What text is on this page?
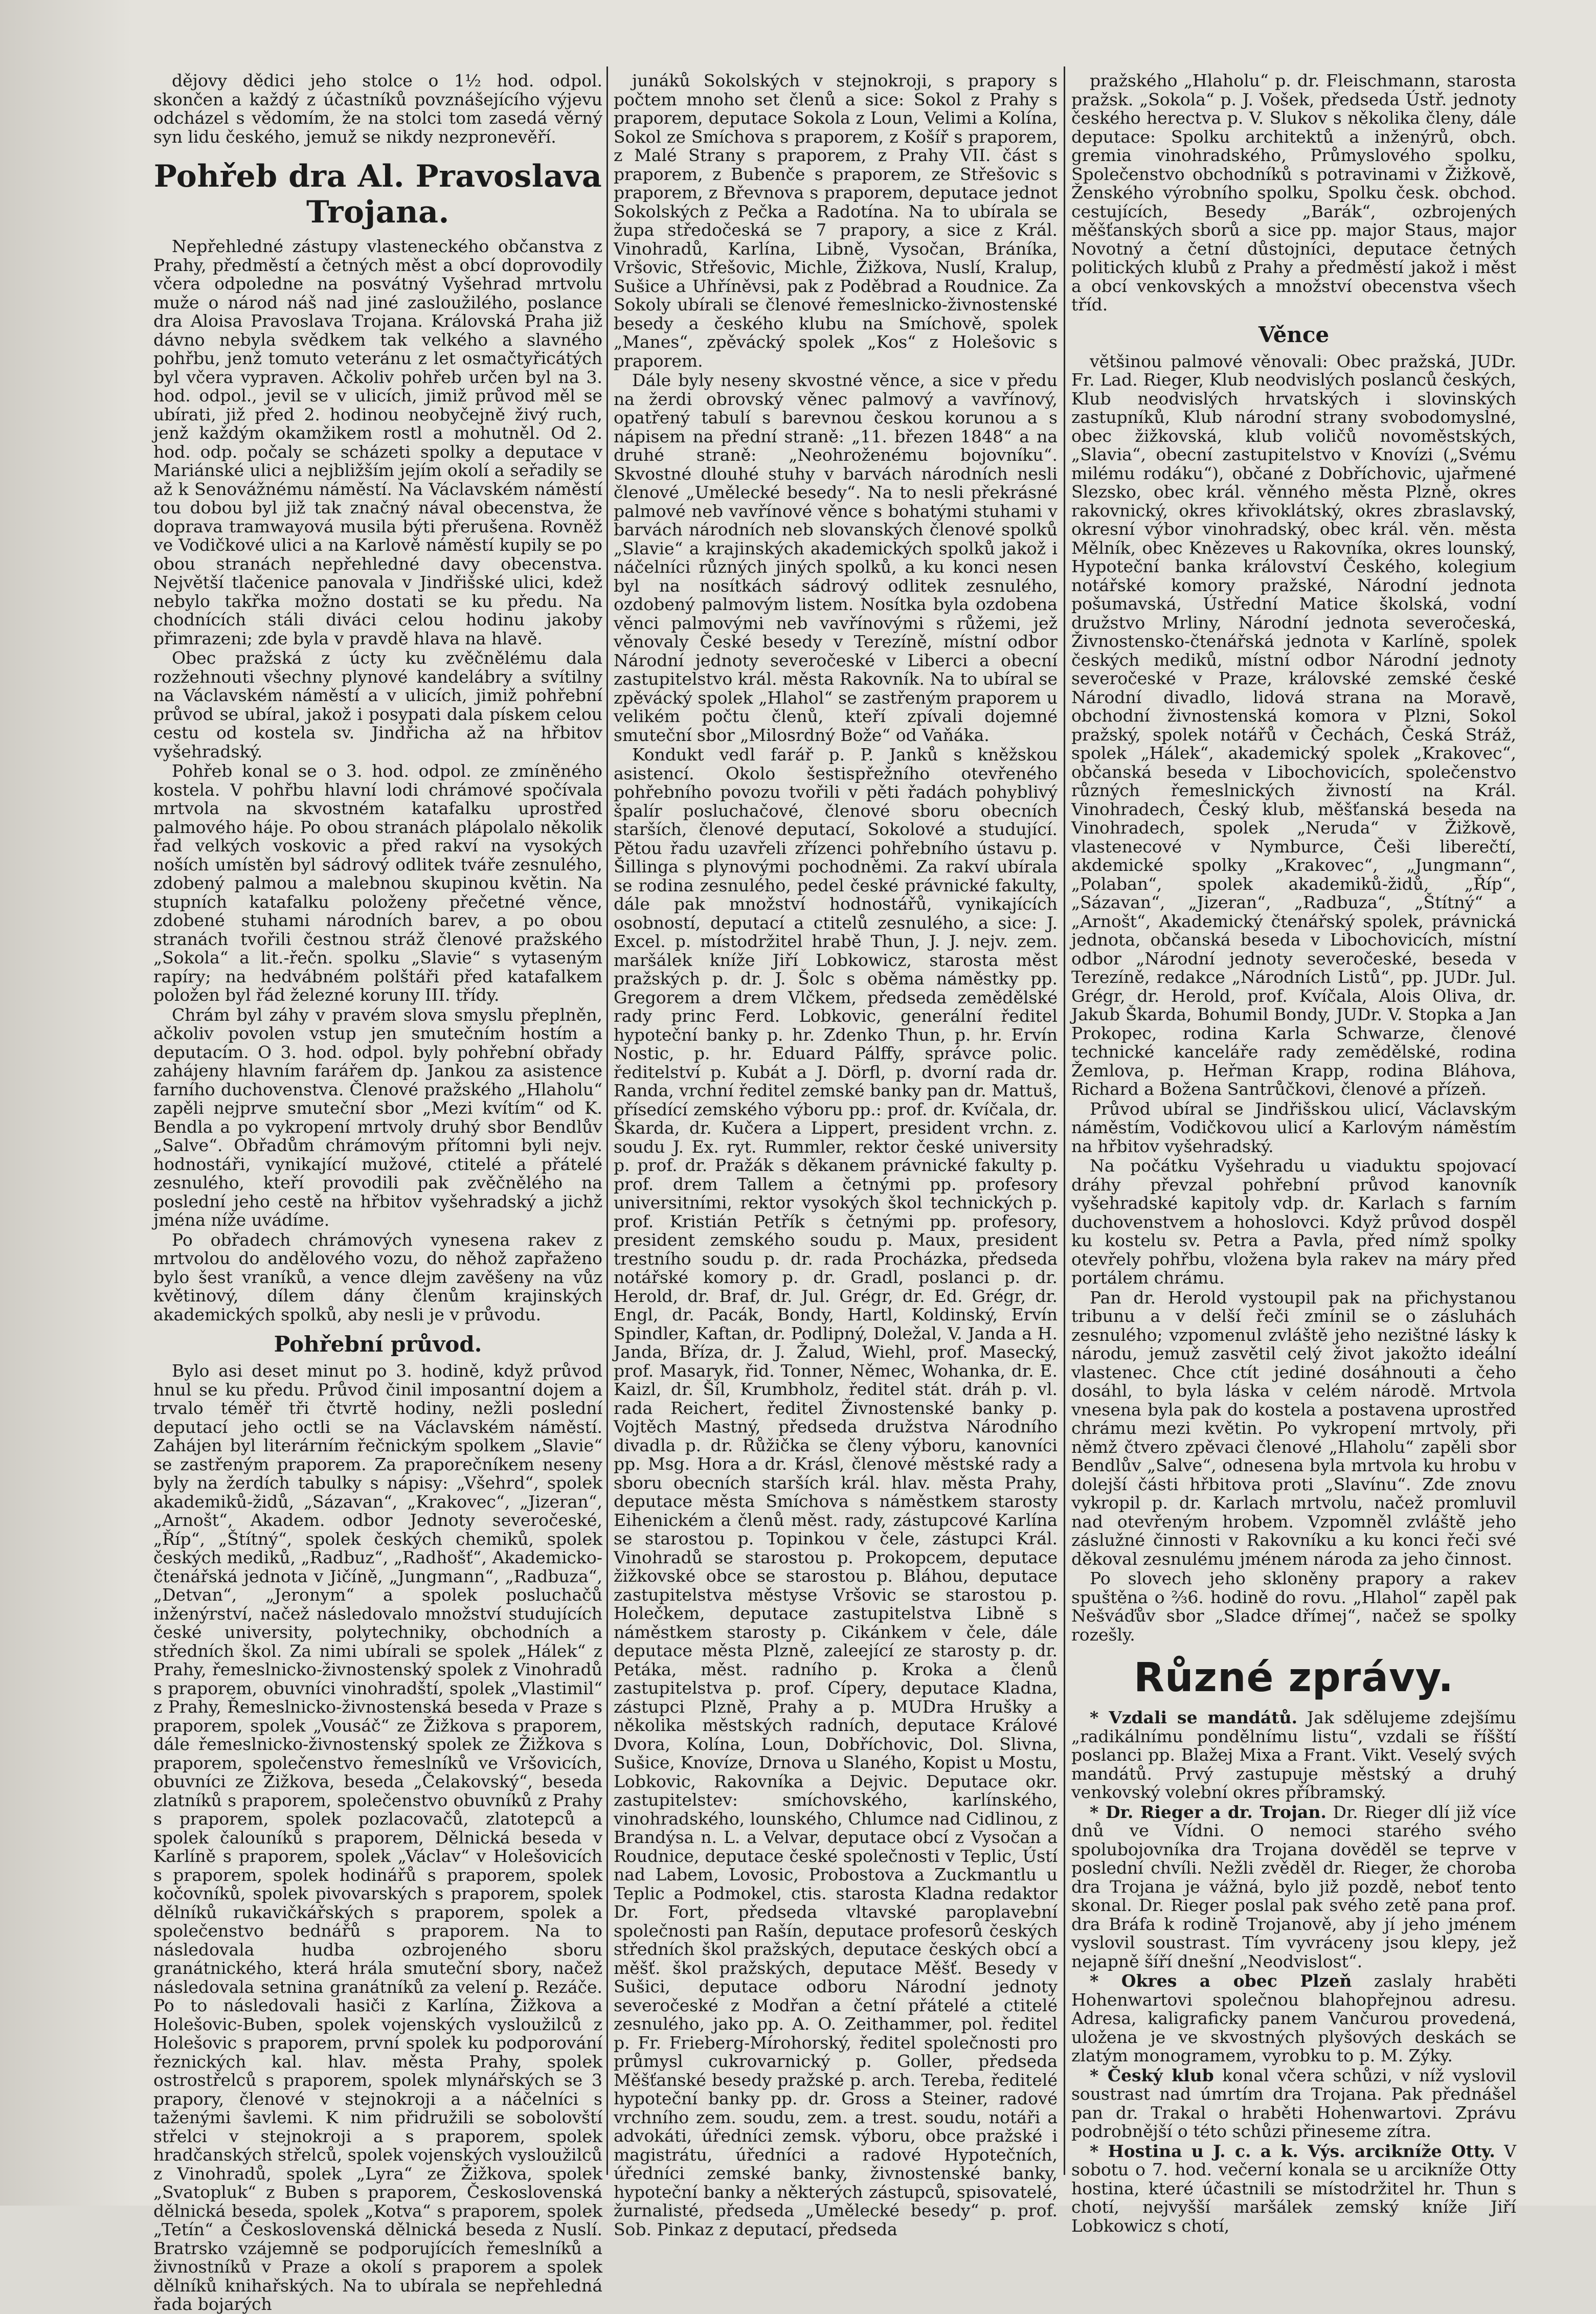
dějovy dědici jeho stolce o 1½ hod. odpol. skončen a každý z účastníků povznášejícího výjevu odcházel s vědomím, že na stolci tom zasedá věrný syn lidu českého, jemuž se nikdy nezpronevěří.

Pohřeb dra Al. Pravoslava Trojana.

Nepřehledné zástupy vlasteneckého občanstva z Prahy, předměstí a četných měst a obcí doprovodily včera odpoledne na posvátný Vyšehrad mrtvolu muže o národ náš nad jiné zasloužilého, poslance dra Aloisa Pravoslava Trojana. Královská Praha již dávno nebyla svědkem tak velkého a slavného pohřbu, jenž tomuto veteránu z let osmačtyřicátých byl včera vypraven. Ačkoliv pohřeb určen byl na 3. hod. odpol., jevil se v ulicích, jimiž průvod měl se ubírati, již před 2. hodinou neobyčejně živý ruch, jenž každým okamžikem rostl a mohutněl. Od 2. hod. odp. počaly se scházeti spolky a deputace v Mariánské ulici a nejbližším jejím okolí a seřadily se až k Senovážnému náměstí. Na Václavském náměstí tou dobou byl již tak značný nával obecenstva, že doprava tramwayová musila býti přerušena. Rovněž ve Vodičkové ulici a na Karlově náměstí kupily se po obou stranách nepřehledné davy obecenstva. Největší tlačenice panovala v Jindřišské ulici, kdež nebylo takřka možno dostati se ku předu. Na chodnících stáli diváci celou hodinu jakoby přimrazeni; zde byla v pravdě hlava na hlavě.

Obec pražská z úcty ku zvěčnělému dala rozžehnouti všechny plynové kandelábry a svítilny na Václavském náměstí a v ulicích, jimiž pohřební průvod se ubíral, jakož i posypati dala pískem celou cestu od kostela sv. Jindřicha až na hřbitov vyšehradský.

Pohřeb konal se o 3. hod. odpol. ze zmíněného kostela. V pohřbu hlavní lodi chrámové spočívala mrtvola na skvostném katafalku uprostřed palmového háje. Po obou stranách plápolalo několik řad velkých voskovic a před rakví na vysokých noších umístěn byl sádrový odlitek tváře zesnulého, zdobený palmou a malebnou skupinou květin. Na stupních katafalku položeny přečetné věnce, zdobené stuhami národních barev, a po obou stranách tvořili čestnou stráž členové pražského „Sokola“ a lit.-řečn. spolku „Slavie“ s vytaseným rapíry; na hedvábném polštáři před katafalkem položen byl řád železné koruny III. třídy.

Chrám byl záhy v pravém slova smyslu přeplněn, ačkoliv povolen vstup jen smutečním hostím a deputacím. O 3. hod. odpol. byly pohřební obřady zahájeny hlavním farářem dp. Jankou za asistence farního duchovenstva. Členové pražského „Hlaholu“ zapěli nejprve smuteční sbor „Mezi kvítím“ od K. Bendla a po vykropení mrtvoly druhý sbor Bendlův „Salve“. Obřadům chrámovým přítomni byli nejv. hodnostáři, vynikající mužové, ctitelé a přátelé zesnulého, kteří provodili pak zvěčnělého na poslední jeho cestě na hřbitov vyšehradský a jichž jména níže uvádíme.

Po obřadech chrámových vynesena rakev z mrtvolou do andělového vozu, do něhož zapřaženo bylo šest vraníků, a vence dlejm zavěšeny na vůz květinový, dílem dány členům krajinských akademických spolků, aby nesli je v průvodu.

Pohřební průvod.

Bylo asi deset minut po 3. hodině, když průvod hnul se ku předu. Průvod činil imposantní dojem a trvalo téměř tři čtvrtě hodiny, nežli poslední deputací jeho octli se na Václavském náměstí. Zahájen byl literárním řečnickým spolkem „Slavie“ se zastřeným praporem. Za praporečníkem neseny byly na žerdích tabulky s nápisy: „Všehrd“, spolek akademiků-židů, „Sázavan“, „Krakovec“, „Jizeran“, „Arnošt“, Akadem. odbor Jednoty severočeské, „Říp“, „Štítný“, spolek českých chemiků, spolek českých mediků, „Radbuz“, „Radhošť“, Akademicko-čtenářská jednota v Jičíně, „Jungmann“, „Radbuza“, „Detvan“, „Jeronym“ a spolek posluchačů inženýrství, načež následovalo množství studujících české university, polytechniky, obchodních a středních škol. Za nimi ubírali se spolek „Hálek“ z Prahy, řemeslnicko-živnostenský spolek z Vinohradů s praporem, obuvníci vinohradští, spolek „Vlastimil“ z Prahy, Řemeslnicko-živnostenská beseda v Praze s praporem, spolek „Vousáč“ ze Žižkova s praporem, dále řemeslnicko-živnostenský spolek ze Žižkova s praporem, společenstvo řemeslníků ve Vršovicích, obuvníci ze Žižkova, beseda „Čelakovský“, beseda zlatníků s praporem, společenstvo obuvníků z Prahy s praporem, spolek pozlacovačů, zlatotepců a spolek čalouníků s praporem, Dělnická beseda v Karlíně s praporem, spolek „Václav“ v Holešovicích s praporem, spolek hodinářů s praporem, spolek kočovníků, spolek pivovarských s praporem, spolek dělníků rukavičkářských s praporem, spolek a společenstvo bednářů s praporem. Na to následovala hudba ozbrojeného sboru granátnického, která hrála smuteční sbory, načež následovala setnina granátníků za velení p. Rezáče. Po to následovali hasiči z Karlína, Žižkova a Holešovic-Buben, spolek vojenských vysloužilců z Holešovic s praporem, první spolek ku podporování řeznických kal. hlav. města Prahy, spolek ostrostřelců s praporem, spolek mlynářských se 3 prapory, členové v stejnokroji a a náčelníci s taženými šavlemi. K nim přidružili se sobolovští střelci v stejnokroji a s praporem, spolek hradčanských střelců, spolek vojenských vysloužilců z Vinohradů, spolek „Lyra“ ze Žižkova, spolek „Svatopluk“ z Buben s praporem, Československá dělnická beseda, spolek „Kotva“ s praporem, spolek „Tetín“ a Československá dělnická beseda z Nuslí. Bratrsko vzájemně se podporujících řemeslníků a živnostníků v Praze a okolí s praporem a spolek dělníků knihařských. Na to ubírala se nepřehledná řada bojarých

junáků Sokolských v stejnokroji, s prapory s počtem mnoho set členů a sice: Sokol z Prahy s praporem, deputace Sokola z Loun, Velimi a Kolína, Sokol ze Smíchova s praporem, z Košíř s praporem, z Malé Strany s praporem, z Prahy VII. část s praporem, z Bubenče s praporem, ze Střešovic s praporem, z Břevnova s praporem, deputace jednot Sokolských z Pečka a Radotína. Na to ubírala se župa středočeská se 7 prapory, a sice z Král. Vinohradů, Karlína, Libně, Vysočan, Bráníka, Vršovic, Střešovic, Michle, Žižkova, Nuslí, Kralup, Sušice a Uhříněvsi, pak z Poděbrad a Roudnice. Za Sokoly ubírali se členové řemeslnicko-živnostenské besedy a českého klubu na Smíchově, spolek „Manes“, zpěvácký spolek „Kos“ z Holešovic s praporem.

Dále byly neseny skvostné věnce, a sice v předu na žerdi obrovský věnec palmový a vavřínový, opatřený tabulí s barevnou českou korunou a s nápisem na přední straně: „11. březen 1848“ a na druhé straně: „Neohroženému bojovníku“. Skvostné dlouhé stuhy v barvách národních nesli členové „Umělecké besedy“. Na to nesli překrásné palmové neb vavřínové věnce s bohatými stuhami v barvách národních neb slovanských členové spolků „Slavie“ a krajinských akademických spolků jakož i náčelníci různých jiných spolků, a ku konci nesen byl na nosítkách sádrový odlitek zesnulého, ozdobený palmovým listem. Nosítka byla ozdobena věnci palmovými neb vavřínovými s růžemi, jež věnovaly České besedy v Terezíně, místní odbor Národní jednoty severočeské v Liberci a obecní zastupitelstvo král. města Rakovník. Na to ubíral se zpěvácký spolek „Hlahol“ se zastřeným praporem u velikém počtu členů, kteří zpívali dojemné smuteční sbor „Milosrdný Bože“ od Vaňáka.

Kondukt vedl farář p. P. Janků s kněžskou asistencí. Okolo šestispřežního otevřeného pohřebního povozu tvořili v pěti řadách pohyblivý špalír posluchačové, členové sboru obecních starších, členové deputací, Sokolové a studující. Pětou řadu uzavřeli zřízenci pohřebního ústavu p. Šillinga s plynovými pochodněmi. Za rakví ubírala se rodina zesnulého, pedel české právnické fakulty, dále pak množství hodnostářů, vynikajících osobností, deputací a ctitelů zesnulého, a sice: J. Excel. p. místodržitel hrabě Thun, J. J. nejv. zem. maršálek kníže Jiří Lobkowicz, starosta měst pražských p. dr. J. Šolc s oběma náměstky pp. Gregorem a drem Vlčkem, předseda zemědělské rady princ Ferd. Lobkovic, generální ředitel hypoteční banky p. hr. Zdenko Thun, p. hr. Ervín Nostic, p. hr. Eduard Pálffy, správce polic. ředitelství p. Kubát a J. Dörfl, p. dvorní rada dr. Randa, vrchní ředitel zemské banky pan dr. Mattuš, přísedící zemského výboru pp.: prof. dr. Kvíčala, dr. Škarda, dr. Kučera a Lippert, president vrchn. z. soudu J. Ex. ryt. Rummler, rektor české university p. prof. dr. Pražák s děkanem právnické fakulty p. prof. drem Tallem a četnými pp. profesory universitními, rektor vysokých škol technických p. prof. Kristián Petřík s četnými pp. profesory, president zemského soudu p. Maux, president trestního soudu p. dr. rada Procházka, předseda notářské komory p. dr. Gradl, poslanci p. dr. Herold, dr. Braf, dr. Jul. Grégr, dr. Ed. Grégr, dr. Engl, dr. Pacák, Bondy, Hartl, Koldinský, Ervín Spindler, Kaftan, dr. Podlipný, Doležal, V. Janda a H. Janda, Bříza, dr. J. Žalud, Wiehl, prof. Masecký, prof. Masaryk, řid. Tonner, Němec, Wohanka, dr. E. Kaizl, dr. Šíl, Krumbholz, ředitel stát. dráh p. vl. rada Reichert, ředitel Živnostenské banky p. Vojtěch Mastný, předseda družstva Národního divadla p. dr. Růžička se členy výboru, kanovníci pp. Msg. Hora a dr. Krásl, členové městské rady a sboru obecních starších král. hlav. města Prahy, deputace města Smíchova s náměstkem starosty Eihenickém a členů měst. rady, zástupcové Karlína se starostou p. Topinkou v čele, zástupci Král. Vinohradů se starostou p. Prokopcem, deputace žižkovské obce se starostou p. Bláhou, deputace zastupitelstva městyse Vršovic se starostou p. Holečkem, deputace zastupitelstva Libně s náměstkem starosty p. Cikánkem v čele, dále deputace města Plzně, zaleející ze starosty p. dr. Petáka, měst. radního p. Kroka a členů zastupitelstva p. prof. Cípery, deputace Kladna, zástupci Plzně, Prahy a p. MUDra Hrušky a několika městských radních, deputace Králové Dvora, Kolína, Loun, Dobříchovic, Dol. Slivna, Sušice, Knovíze, Drnova u Slaného, Kopist u Mostu, Lobkovic, Rakovníka a Dejvic. Deputace okr. zastupitelstev: smíchovského, karlínského, vinohradského, lounského, Chlumce nad Cidlinou, z Brandýsa n. L. a Velvar, deputace obcí z Vysočan a Roudnice, deputace české společnosti v Teplic, Ústí nad Labem, Lovosic, Probostova a Zuckmantlu u Teplic a Podmokel, ctis. starosta Kladna redaktor Dr. Fort, předseda vltavské paroplavební společnosti pan Rašín, deputace profesorů českých středních škol pražských, deputace českých obcí a měšť. škol pražských, deputace Měšť. Besedy v Sušici, deputace odboru Národní jednoty severočeské z Modřan a četní přátelé a ctitelé zesnulého, jako pp. A. O. Zeithammer, pol. ředitel p. Fr. Frieberg-Mírohorský, ředitel společnosti pro průmysl cukrovarnický p. Goller, předseda Měšťanské besedy pražské p. arch. Tereba, ředitelé hypoteční banky pp. dr. Gross a Steiner, radové vrchního zem. soudu, zem. a trest. soudu, notáři a advokáti, úředníci zemsk. výboru, obce pražské i magistrátu, úředníci a radové Hypotečních, úředníci zemské banky, živnostenské banky, hypoteční banky a některých zástupců, spisovatelé, žurnalisté, předseda „Umělecké besedy“ p. prof. Sob. Pinkaz z deputací, předseda

pražského „Hlaholu“ p. dr. Fleischmann, starosta pražsk. „Sokola“ p. J. Vošek, předseda Ústř. jednoty českého herectva p. V. Slukov s několika členy, dále deputace: Spolku architektů a inženýrů, obch. gremia vinohradského, Průmyslového spolku, Společenstvo obchodníků s potravinami v Žižkově, Ženského výrobního spolku, Spolku česk. obchod. cestujících, Besedy „Barák“, ozbrojených měšťanských sborů a sice pp. major Staus, major Novotný a četní důstojníci, deputace četných politických klubů z Prahy a předměstí jakož i měst a obcí venkovských a množství obecenstva všech tříd.

Věnce

většinou palmové věnovali: Obec pražská, JUDr. Fr. Lad. Rieger, Klub neodvislých poslanců českých, Klub neodvislých hrvatských i slovinských zastupníků, Klub národní strany svobodomyslné, obec žižkovská, klub voličů novoměstských, „Slavia“, obecní zastupitelstvo v Knovízi („Svému milému rodáku“), občané z Dobříchovic, ujařmené Slezsko, obec král. věnného města Plzně, okres rakovnický, okres křivoklátský, okres zbraslavský, okresní výbor vinohradský, obec král. věn. města Mělník, obec Knězeves u Rakovníka, okres lounský, Hypoteční banka království Českého, kolegium notářské komory pražské, Národní jednota pošumavská, Ústřední Matice školská, vodní družstvo Mrliny, Národní jednota severočeská, Živnostensko-čtenářská jednota v Karlíně, spolek českých mediků, místní odbor Národní jednoty severočeské v Praze, královské zemské české Národní divadlo, lidová strana na Moravě, obchodní živnostenská komora v Plzni, Sokol pražský, spolek notářů v Čechách, Česká Stráž, spolek „Hálek“, akademický spolek „Krakovec“, občanská beseda v Libochovicích, společenstvo různých řemeslnických živností na Král. Vinohradech, Český klub, měšťanská beseda na Vinohradech, spolek „Neruda“ v Žižkově, vlastenecové v Nymburce, Češi liberečtí, akdemické spolky „Krakovec“, „Jungmann“, „Polaban“, spolek akademiků-židů, „Říp“, „Sázavan“, „Jizeran“, „Radbuza“, „Štítný“ a „Arnošt“, Akademický čtenářský spolek, právnická jednota, občanská beseda v Libochovicích, místní odbor „Národní jednoty severočeské, beseda v Terezíně, redakce „Národních Listů“, pp. JUDr. Jul. Grégr, dr. Herold, prof. Kvíčala, Alois Oliva, dr. Jakub Škarda, Bohumil Bondy, JUDr. V. Stopka a Jan Prokopec, rodina Karla Schwarze, členové technické kanceláře rady zemědělské, rodina Žemlova, p. Heřman Krapp, rodina Bláhova, Richard a Božena Santrůčkovi, členové a přízeň.

Průvod ubíral se Jindřišskou ulicí, Václavským náměstím, Vodičkovou ulicí a Karlovým náměstím na hřbitov vyšehradský.

Na počátku Vyšehradu u viaduktu spojovací dráhy převzal pohřební průvod kanovník vyšehradské kapitoly vdp. dr. Karlach s farním duchovenstvem a hohoslovci. Když průvod dospěl ku kostelu sv. Petra a Pavla, před nímž spolky otevřely pohřbu, vložena byla rakev na máry před portálem chrámu.

Pan dr. Herold vystoupil pak na přichystanou tribunu a v delší řeči zmínil se o zásluhách zesnulého; vzpomenul zvláště jeho nezištné lásky k národu, jemuž zasvětil celý život jakožto ideální vlastenec. Chce ctít jediné dosáhnouti a čeho dosáhl, to byla láska v celém národě. Mrtvola vnesena byla pak do kostela a postavena uprostřed chrámu mezi květin. Po vykropení mrtvoly, při němž čtvero zpěvaci členové „Hlaholu“ zapěli sbor Bendlův „Salve“, odnesena byla mrtvola ku hrobu v dolejší části hřbitova proti „Slavínu“. Zde znovu vykropil p. dr. Karlach mrtvolu, načež promluvil nad otevřeným hrobem. Vzpomněl zvláště jeho záslužné činnosti v Rakovníku a ku konci řeči své děkoval zesnulému jménem národa za jeho činnost.

Po slovech jeho skloněny prapory a rakev spuštěna o ⅔6. hodině do rovu. „Hlahol“ zapěl pak Nešváďův sbor „Sladce dřímej“, načež se spolky rozešly.

Různé zprávy.

* Vzdali se mandátů. Jak sdělujeme zdejšímu „radikálnímu pondělnímu listu“, vzdali se říšští poslanci pp. Blažej Mixa a Frant. Vikt. Veselý svých mandátů. Prvý zastupuje městský a druhý venkovský volební okres příbramský.

* Dr. Rieger a dr. Trojan. Dr. Rieger dlí již více dnů ve Vídni. O nemoci starého svého spolubojovníka dra Trojana dověděl se teprve v poslední chvíli. Nežli zvěděl dr. Rieger, že choroba dra Trojana je vážná, bylo již pozdě, neboť tento skonal. Dr. Rieger poslal pak svého zetě pana prof. dra Bráfa k rodině Trojanově, aby jí jeho jménem vyslovil soustrast. Tím vyvráceny jsou klepy, jež nejapně šíří dnešní „Neodvislost“.

* Okres a obec Plzeň zaslaly hraběti Hohenwartovi společnou blahopřejnou adresu. Adresa, kaligraficky panem Vančurou provedená, uložena je ve skvostných plyšových deskách se zlatým monogramem, vyrobku to p. M. Zýky.

* Český klub konal včera schůzi, v níž vyslovil soustrast nad úmrtím dra Trojana. Pak přednášel pan dr. Trakal o hraběti Hohenwartovi. Zprávu podrobnější o této schůzi přineseme zítra.

* Hostina u J. c. a k. Výs. arcikníže Otty. V sobotu o 7. hod. večerní konala se u arcikníže Otty hostina, které účastnili se místodržitel hr. Thun s chotí, nejvyšší maršálek zemský kníže Jiří Lobkowicz s chotí,
